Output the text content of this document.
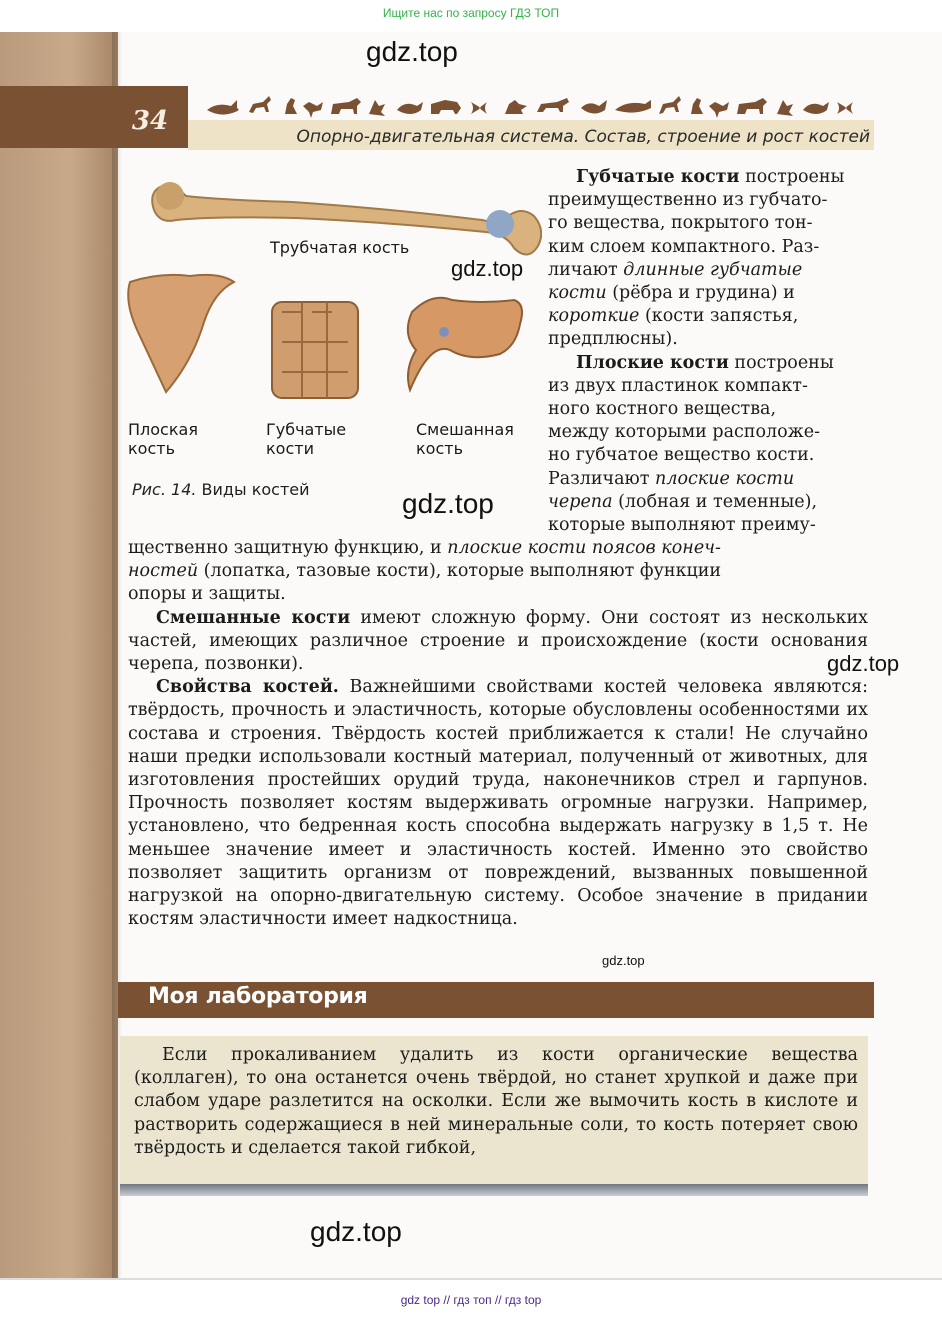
Ищите нас по запросу ГДЗ ТОП
34
Опорно-двигательная система. Состав, строение и рост костей
Трубчатая кость
Плоская
кость
Губчатые
кости
Смешанная
кость
Рис. 14. Виды костей
Губчатые кости построены
преимущественно из губчато-
го вещества, покрытого тон-
ким слоем компактного. Раз-
личают длинные губчатые
кости (рёбра и грудина) и
короткие (кости запястья,
предплюсны).
Плоские кости построены
из двух пластинок компакт-
ного костного вещества,
между которыми расположе-
но губчатое вещество кости.
Различают плоские кости
черепа (лобная и теменные),
которые выполняют преиму-
щественно защитную функцию, и плоские кости поясов конеч-
ностей (лопатка, тазовые кости), которые выполняют функции
опоры и защиты.
Смешанные кости имеют сложную форму. Они состоят из нескольких частей, имеющих различное строение и происхождение (кости основания черепа, позвонки).
Свойства костей. Важнейшими свойствами костей человека являются: твёрдость, прочность и эластичность, которые обусловлены особенностями их состава и строения. Твёрдость костей приближается к стали! Не случайно наши предки использовали костный материал, полученный от животных, для изготовления простейших орудий труда, наконечников стрел и гарпунов. Прочность позволяет костям выдерживать огромные нагрузки. Например, установлено, что бедренная кость способна выдержать нагрузку в 1,5 т. Не меньшее значение имеет и эластичность костей. Именно это свойство позволяет защитить организм от повреждений, вызванных повышенной нагрузкой на опорно-двигательную систему. Особое значение в придании костям эластичности имеет надкостница.
Моя лаборатория
Если прокаливанием удалить из кости органические вещества (коллаген), то она останется очень твёрдой, но станет хрупкой и даже при слабом ударе разлетится на осколки. Если же вымочить кость в кислоте и растворить содержащиеся в ней минеральные соли, то кость потеряет свою твёрдость и сделается такой гибкой,
gdz.top
gdz.top
gdz.top
gdz.top
gdz.top
gdz.top
gdz top // гдз топ // гдз top
